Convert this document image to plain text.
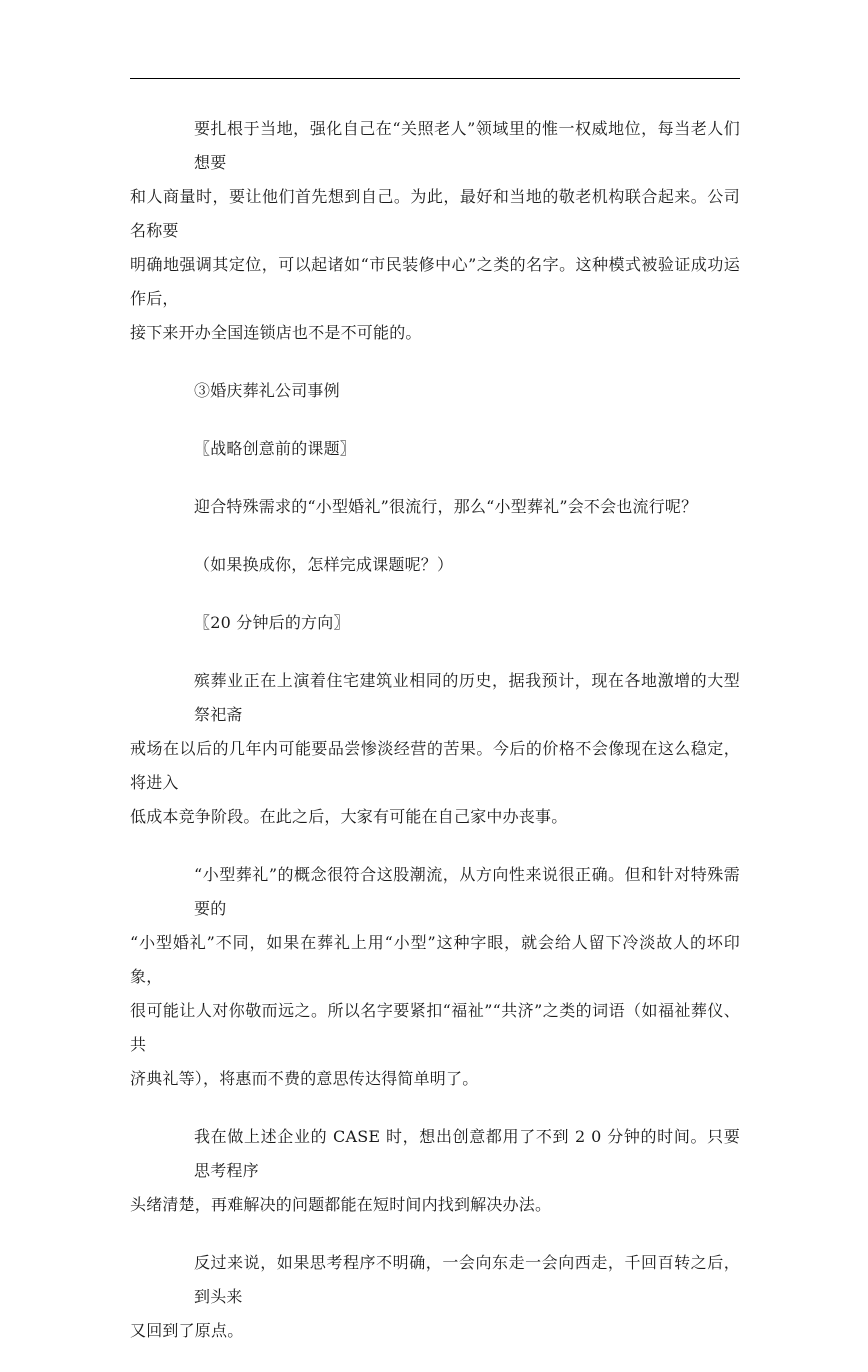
要扎根于当地，强化自己在“关照老人”领域里的惟一权威地位，每当老人们想要
和人商量时，要让他们首先想到自己。为此，最好和当地的敬老机构联合起来。公司名称要
明确地强调其定位，可以起诸如“市民装修中心”之类的名字。这种模式被验证成功运作后，
接下来开办全国连锁店也不是不可能的。

③婚庆葬礼公司事例

〖战略创意前的课题〗

迎合特殊需求的“小型婚礼”很流行，那么“小型葬礼”会不会也流行呢？

（如果换成你，怎样完成课题呢？）

〖20 分钟后的方向〗

殡葬业正在上演着住宅建筑业相同的历史，据我预计，现在各地激增的大型祭祀斋
戒场在以后的几年内可能要品尝惨淡经营的苦果。今后的价格不会像现在这么稳定，将进入
低成本竞争阶段。在此之后，大家有可能在自己家中办丧事。

“小型葬礼”的概念很符合这股潮流，从方向性来说很正确。但和针对特殊需要的
“小型婚礼”不同，如果在葬礼上用“小型”这种字眼，就会给人留下冷淡故人的坏印象，
很可能让人对你敬而远之。所以名字要紧扣“福祉”“共济”之类的词语（如福祉葬仪、共
济典礼等），将惠而不费的意思传达得简单明了。

我在做上述企业的 CASE 时，想出创意都用了不到 2 0 分钟的时间。只要思考程序
头绪清楚，再难解决的问题都能在短时间内找到解决办法。

反过来说，如果思考程序不明确，一会向东走一会向西走，千回百转之后，到头来
又回到了原点。
